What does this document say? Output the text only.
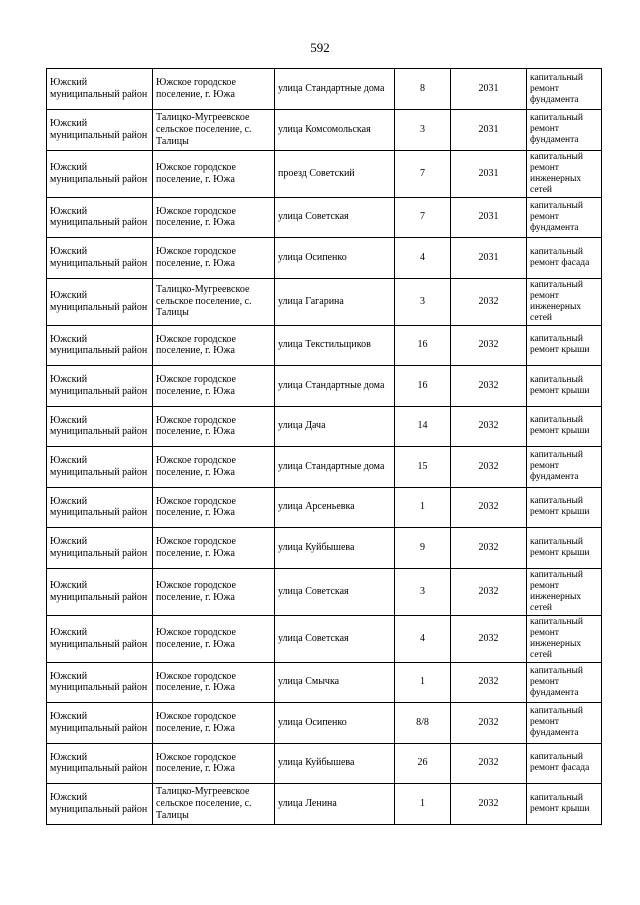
592
Южский муниципальный район	Южское городское поселение, г. Южа	улица Стандартные дома	8	2031	капитальный ремонт фундамента
Южский муниципальный район	Талицко-Мугреевское сельское поселение, с. Талицы	улица Комсомольская	3	2031	капитальный ремонт фундамента
Южский муниципальный район	Южское городское поселение, г. Южа	проезд Советский	7	2031	капитальный ремонт инженерных сетей
Южский муниципальный район	Южское городское поселение, г. Южа	улица Советская	7	2031	капитальный ремонт фундамента
Южский муниципальный район	Южское городское поселение, г. Южа	улица Осипенко	4	2031	капитальный ремонт фасада
Южский муниципальный район	Талицко-Мугреевское сельское поселение, с. Талицы	улица Гагарина	3	2032	капитальный ремонт инженерных сетей
Южский муниципальный район	Южское городское поселение, г. Южа	улица Текстильщиков	16	2032	капитальный ремонт крыши
Южский муниципальный район	Южское городское поселение, г. Южа	улица Стандартные дома	16	2032	капитальный ремонт крыши
Южский муниципальный район	Южское городское поселение, г. Южа	улица Дача	14	2032	капитальный ремонт крыши
Южский муниципальный район	Южское городское поселение, г. Южа	улица Стандартные дома	15	2032	капитальный ремонт фундамента
Южский муниципальный район	Южское городское поселение, г. Южа	улица Арсеньевка	1	2032	капитальный ремонт крыши
Южский муниципальный район	Южское городское поселение, г. Южа	улица Куйбышева	9	2032	капитальный ремонт крыши
Южский муниципальный район	Южское городское поселение, г. Южа	улица Советская	3	2032	капитальный ремонт инженерных сетей
Южский муниципальный район	Южское городское поселение, г. Южа	улица Советская	4	2032	капитальный ремонт инженерных сетей
Южский муниципальный район	Южское городское поселение, г. Южа	улица Смычка	1	2032	капитальный ремонт фундамента
Южский муниципальный район	Южское городское поселение, г. Южа	улица Осипенко	8/8	2032	капитальный ремонт фундамента
Южский муниципальный район	Южское городское поселение, г. Южа	улица Куйбышева	26	2032	капитальный ремонт фасада
Южский муниципальный район	Талицко-Мугреевское сельское поселение, с. Талицы	улица Ленина	1	2032	капитальный ремонт крыши
